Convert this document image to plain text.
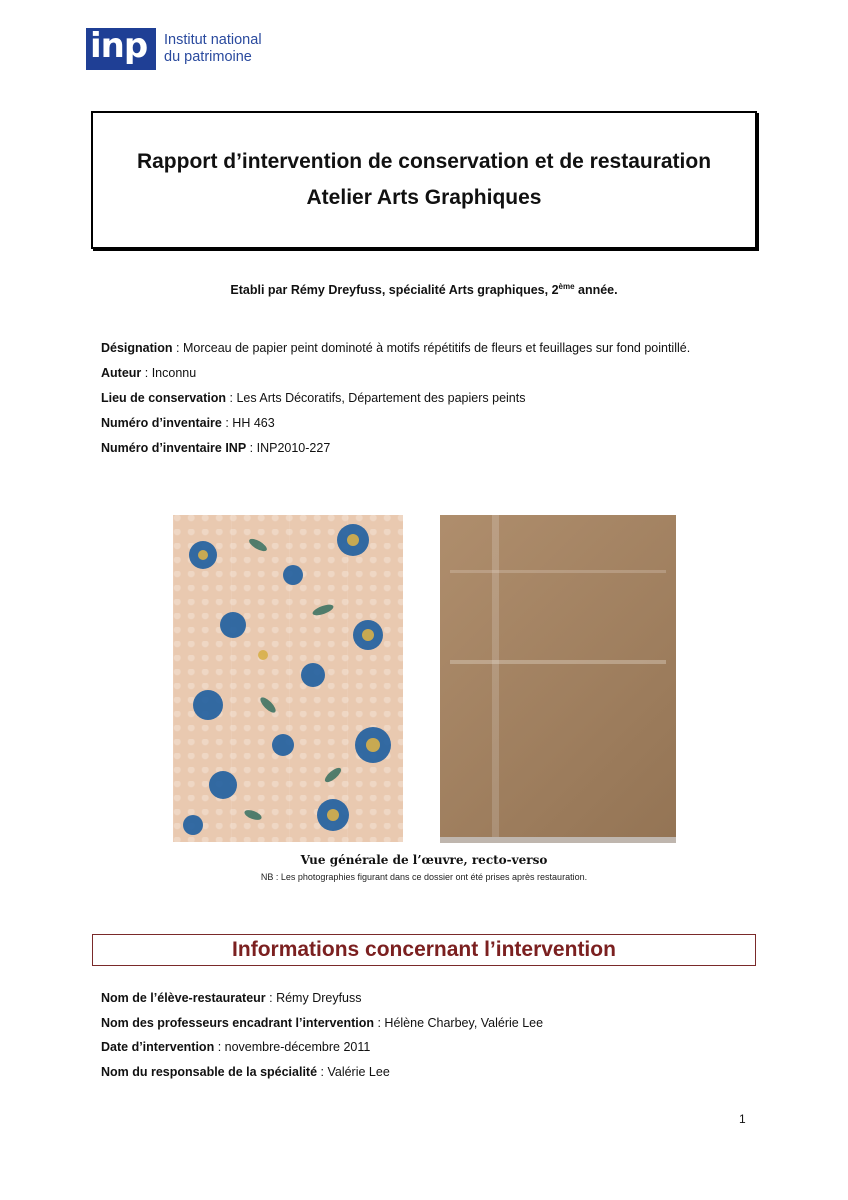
inp	Institut national
du patrimoine
Rapport d’intervention de conservation et de restauration
Atelier Arts Graphiques
Etabli par Rémy Dreyfuss, spécialité Arts graphiques, 2ème année.
Désignation : Morceau de papier peint dominoté à motifs répétitifs de fleurs et feuillages sur fond pointillé.
Auteur : Inconnu
Lieu de conservation : Les Arts Décoratifs, Département des papiers peints
Numéro d’inventaire : HH 463
Numéro d’inventaire INP : INP2010-227
Vue générale de l’œuvre, recto-verso
NB : Les photographies figurant dans ce dossier ont été prises après restauration.
Informations concernant l’intervention
Nom de l’élève-restaurateur : Rémy Dreyfuss
Nom des professeurs encadrant l’intervention : Hélène Charbey, Valérie Lee
Date d’intervention : novembre-décembre 2011
Nom du responsable de la spécialité : Valérie Lee
1
